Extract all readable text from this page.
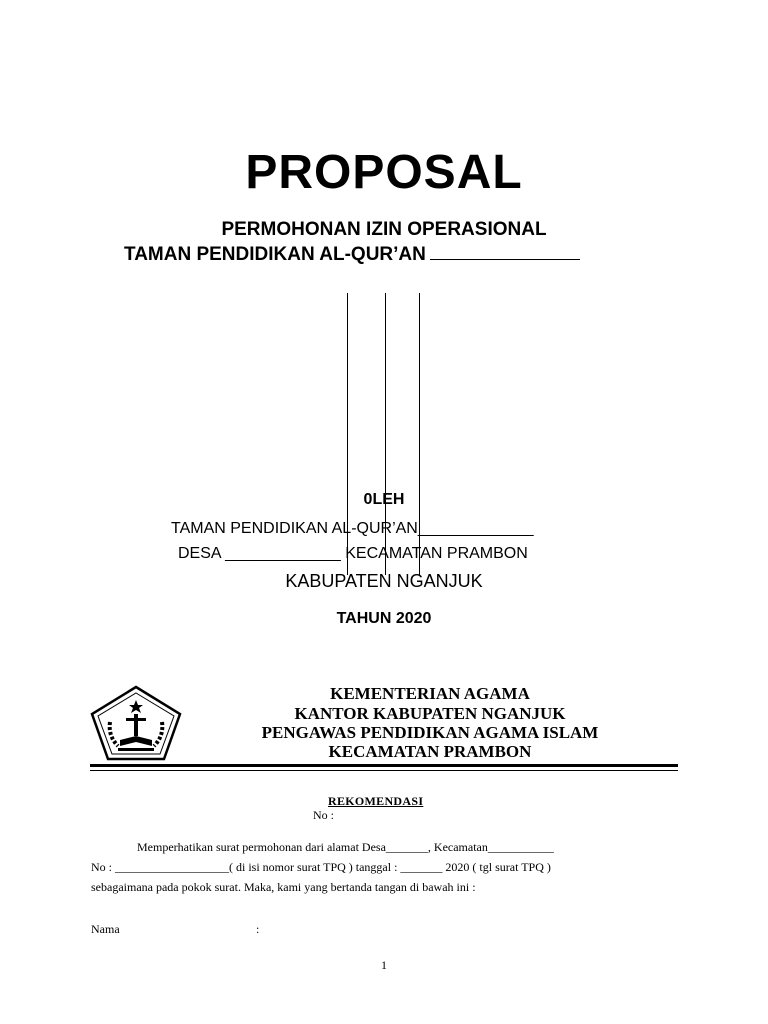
PROPOSAL
PERMOHONAN IZIN OPERASIONAL
TAMAN PENDIDIKAN AL-QUR’AN
0LEH
TAMAN PENDIDIKAN AL-QUR’AN_____________
DESA _____________ KECAMATAN PRAMBON
KABUPATEN NGANJUK
TAHUN 2020
KEMENTERIAN AGAMA
KANTOR KABUPATEN NGANJUK
PENGAWAS PENDIDIKAN AGAMA ISLAM
KECAMATAN PRAMBON
REKOMENDASI
No :
Memperhatikan surat permohonan dari alamat Desa_______, Kecamatan___________
No : ___________________( di isi nomor surat TPQ ) tanggal : _______ 2020 ( tgl surat TPQ )
sebagaimana pada pokok surat. Maka, kami yang bertanda tangan di bawah ini :
Nama	:
1
